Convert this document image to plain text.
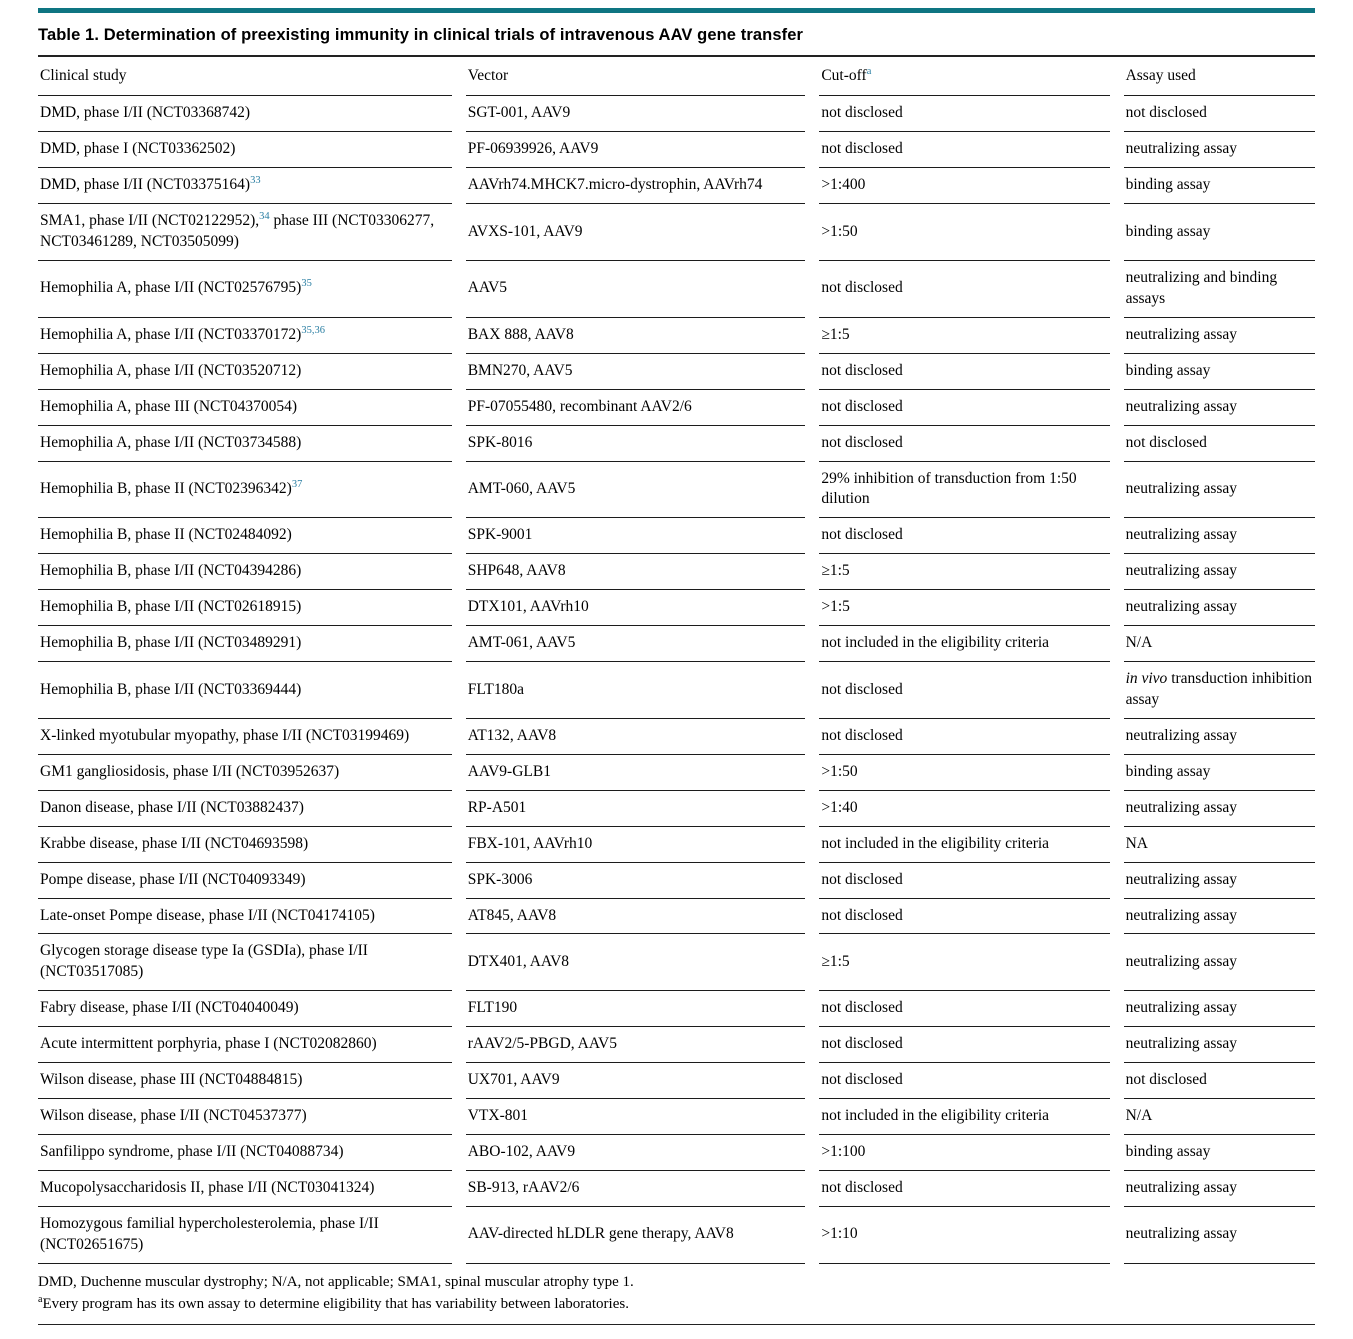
Table 1. Determination of preexisting immunity in clinical trials of intravenous AAV gene transfer
Clinical study	Vector	Cut-off$^a$	Assay used
DMD, phase I/II (NCT03368742)	SGT-001, AAV9	not disclosed	not disclosed
DMD, phase I (NCT03362502)	PF-06939926, AAV9	not disclosed	neutralizing assay
DMD, phase I/II (NCT03375164)$^{33}$	AAVrh74.MHCK7.micro-dystrophin, AAVrh74	>1:400	binding assay
SMA1, phase I/II (NCT02122952),$^{34}$ phase III (NCT03306277, NCT03461289, NCT03505099)	AVXS-101, AAV9	>1:50	binding assay
Hemophilia A, phase I/II (NCT02576795)$^{35}$	AAV5	not disclosed	neutralizing and binding assays
Hemophilia A, phase I/II (NCT03370172)$^{35,36}$	BAX 888, AAV8	≥1:5	neutralizing assay
Hemophilia A, phase I/II (NCT03520712)	BMN270, AAV5	not disclosed	binding assay
Hemophilia A, phase III (NCT04370054)	PF-07055480, recombinant AAV2/6	not disclosed	neutralizing assay
Hemophilia A, phase I/II (NCT03734588)	SPK-8016	not disclosed	not disclosed
Hemophilia B, phase II (NCT02396342)$^{37}$	AMT-060, AAV5	29% inhibition of transduction from 1:50 dilution	neutralizing assay
Hemophilia B, phase II (NCT02484092)	SPK-9001	not disclosed	neutralizing assay
Hemophilia B, phase I/II (NCT04394286)	SHP648, AAV8	≥1:5	neutralizing assay
Hemophilia B, phase I/II (NCT02618915)	DTX101, AAVrh10	>1:5	neutralizing assay
Hemophilia B, phase I/II (NCT03489291)	AMT-061, AAV5	not included in the eligibility criteria	N/A
Hemophilia B, phase I/II (NCT03369444)	FLT180a	not disclosed	in vivo transduction inhibition assay
X-linked myotubular myopathy, phase I/II (NCT03199469)	AT132, AAV8	not disclosed	neutralizing assay
GM1 gangliosidosis, phase I/II (NCT03952637)	AAV9-GLB1	>1:50	binding assay
Danon disease, phase I/II (NCT03882437)	RP-A501	>1:40	neutralizing assay
Krabbe disease, phase I/II (NCT04693598)	FBX-101, AAVrh10	not included in the eligibility criteria	NA
Pompe disease, phase I/II (NCT04093349)	SPK-3006	not disclosed	neutralizing assay
Late-onset Pompe disease, phase I/II (NCT04174105)	AT845, AAV8	not disclosed	neutralizing assay
Glycogen storage disease type Ia (GSDIa), phase I/II (NCT03517085)	DTX401, AAV8	≥1:5	neutralizing assay
Fabry disease, phase I/II (NCT04040049)	FLT190	not disclosed	neutralizing assay
Acute intermittent porphyria, phase I (NCT02082860)	rAAV2/5-PBGD, AAV5	not disclosed	neutralizing assay
Wilson disease, phase III (NCT04884815)	UX701, AAV9	not disclosed	not disclosed
Wilson disease, phase I/II (NCT04537377)	VTX-801	not included in the eligibility criteria	N/A
Sanfilippo syndrome, phase I/II (NCT04088734)	ABO-102, AAV9	>1:100	binding assay
Mucopolysaccharidosis II, phase I/II (NCT03041324)	SB-913, rAAV2/6	not disclosed	neutralizing assay
Homozygous familial hypercholesterolemia, phase I/II (NCT02651675)	AAV-directed hLDLR gene therapy, AAV8	>1:10	neutralizing assay

DMD, Duchenne muscular dystrophy; N/A, not applicable; SMA1, spinal muscular atrophy type 1.

$^a$Every program has its own assay to determine eligibility that has variability between laboratories.
